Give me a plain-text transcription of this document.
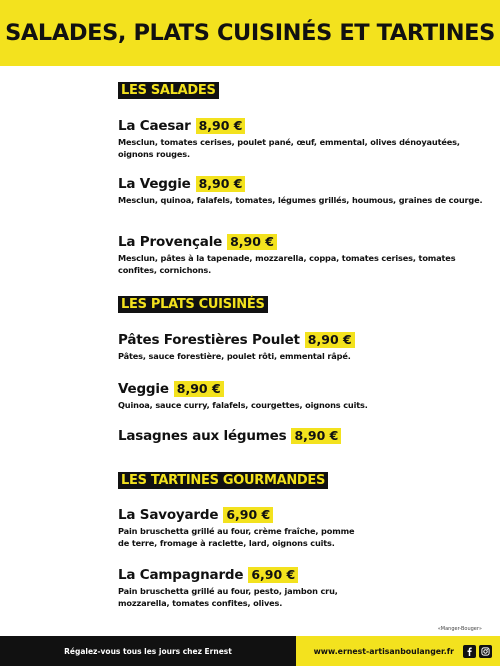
SALADES, PLATS CUISINÉS ET TARTINES
LES SALADES
La Caesar 8,90 €
Mesclun, tomates cerises, poulet pané, œuf, emmental, olives dénoyautées, oignons rouges.
La Veggie 8,90 €
Mesclun, quinoa, falafels, tomates, légumes grillés, houmous, graines de courge.
La Provençale 8,90 €
Mesclun, pâtes à la tapenade, mozzarella, coppa, tomates cerises, tomates confites, cornichons.
LES PLATS CUISINÉS
Pâtes Forestières Poulet 8,90 €
Pâtes, sauce forestière, poulet rôti, emmental râpé.
Veggie 8,90 €
Quinoa, sauce curry, falafels, courgettes, oignons cuits.
Lasagnes aux légumes 8,90 €
LES TARTINES GOURMANDES
La Savoyarde 6,90 €
Pain bruschetta grillé au four, crème fraîche, pomme de terre, fromage à raclette, lard, oignons cuits.
La Campagnarde 6,90 €
Pain bruschetta grillé au four, pesto, jambon cru, mozzarella, tomates confites, olives.
«Manger-Bouger»
Régalez-vous tous les jours chez Ernest	www.ernest-artisanboulanger.fr
